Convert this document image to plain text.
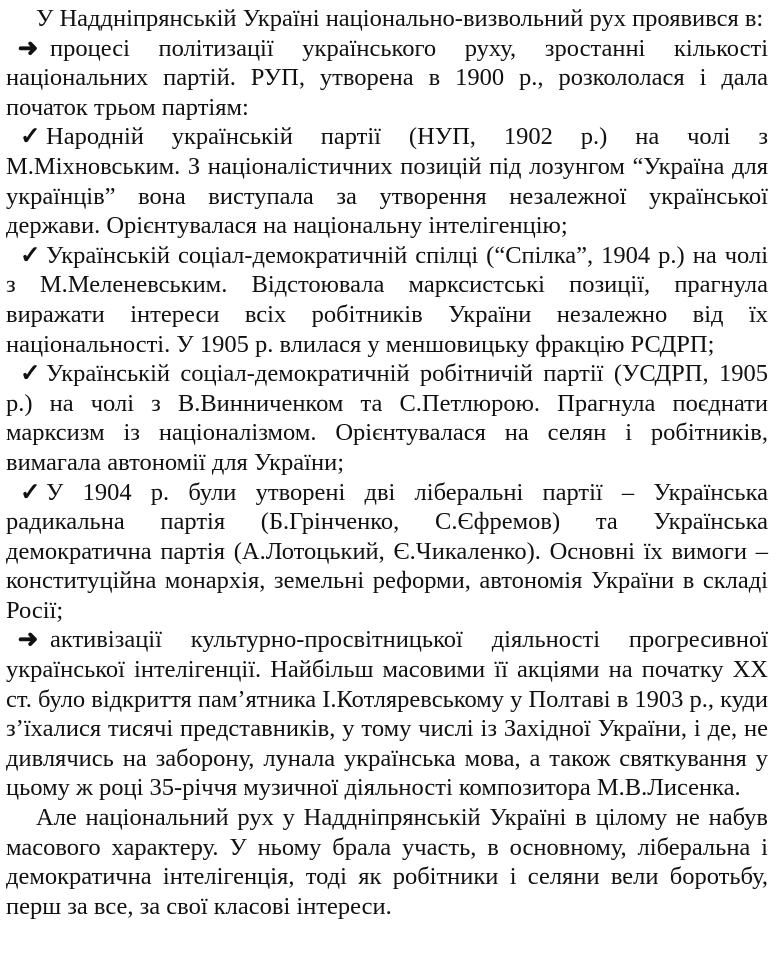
У Наддніпрянській Україні національно-визвольний рух проявився в:

➜ процесі політизації українського руху, зростанні кількості національних партій. РУП, утворена в 1900 р., розкололася і дала початок трьом партіям:

✓ Народній українській партії (НУП, 1902 р.) на чолі з М.Міхновським. З націоналістичних позицій під лозунгом “Україна для українців” вона виступала за утворення незалежної української держави. Орієнтувалася на національну інтелігенцію;

✓ Українській соціал-демократичній спілці (“Спілка”, 1904 р.) на чолі з М.Меленевським. Відстоювала марксистські позиції, прагнула виражати інтереси всіх робітників України незалежно від їх національності. У 1905 р. влилася у меншовицьку фракцію РСДРП;

✓ Українській соціал-демократичній робітничій партії (УСДРП, 1905 р.) на чолі з В.Винниченком та С.Петлюрою. Прагнула поєднати марксизм із націоналізмом. Орієнтувалася на селян і робітників, вимагала автономії для України;

✓ У 1904 р. були утворені дві ліберальні партії – Українська радикальна партія (Б.Грінченко, С.Єфремов) та Українська демократична партія (А.Лотоцький, Є.Чикаленко). Основні їх вимоги – конституційна монархія, земельні реформи, автономія України в складі Росії;

➜ активізації культурно-просвітницької діяльності прогресивної української інтелігенції. Найбільш масовими її акціями на початку XX ст. було відкриття пам’ятника І.Котляревському у Полтаві в 1903 р., куди з’їхалися тисячі представників, у тому числі із Західної України, і де, не дивлячись на заборону, лунала українська мова, а також святкування у цьому ж році 35-річчя музичної діяльності композитора М.В.Лисенка.

Але національний рух у Наддніпрянській Україні в цілому не набув масового характеру. У ньому брала участь, в основному, ліберальна і демократична інтелігенція, тоді як робітники і селяни вели боротьбу, перш за все, за свої класові інтереси.
